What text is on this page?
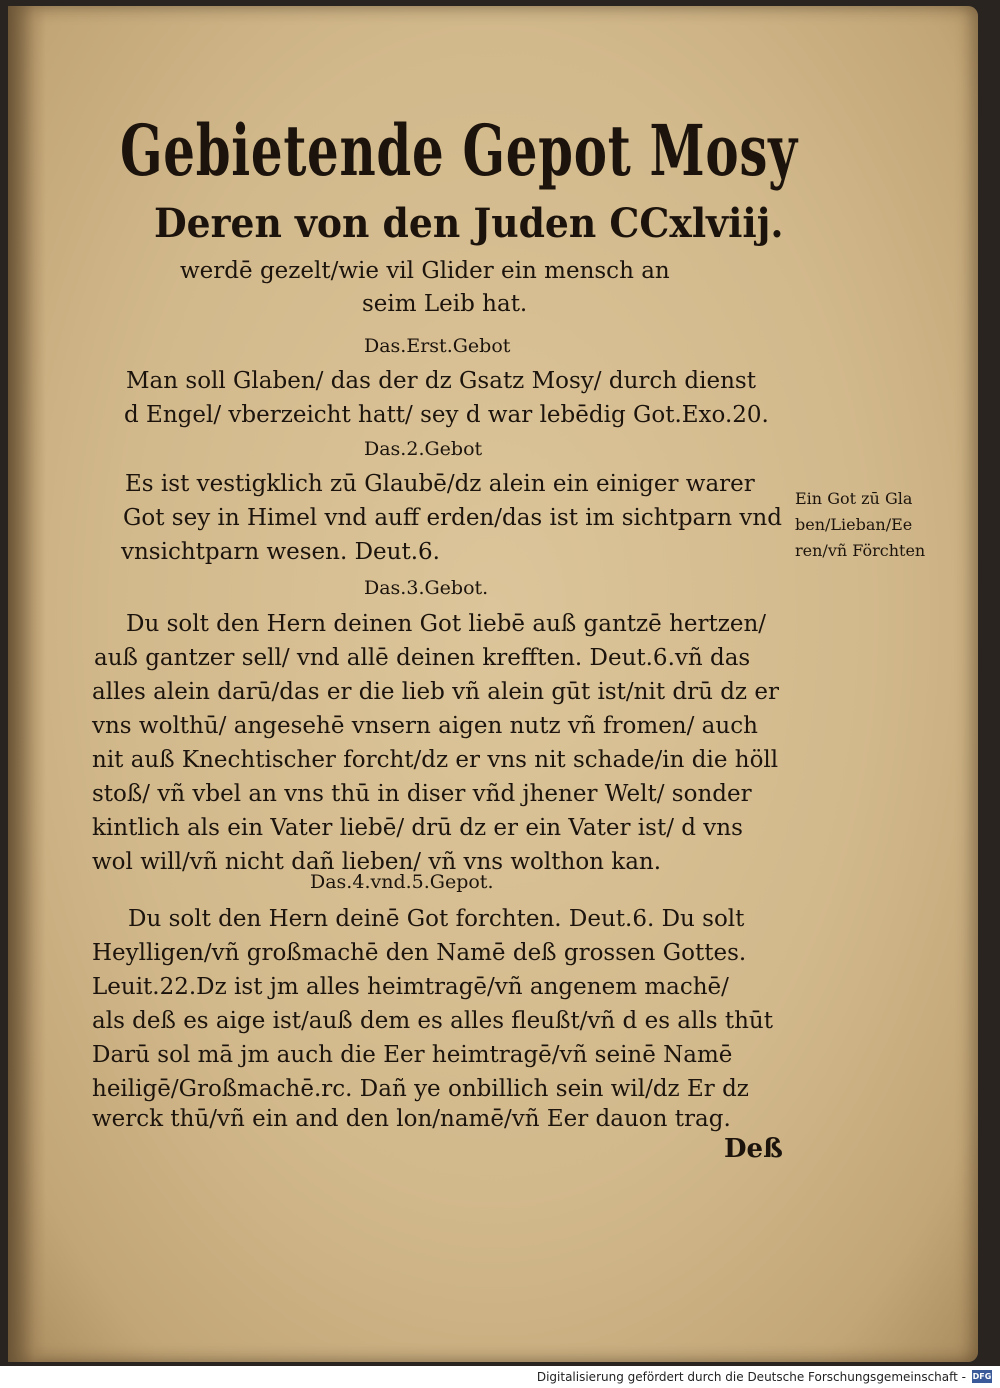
Gebietende Gepot Mosy
Deren von den Juden CCxlviij.
werdē gezelt/wie vil Glider ein mensch an
seim Leib hat.
Das.Erst.Gebot
Man soll Glaben/ das der dz Gsatz Mosy/ durch dienst
d Engel/ vberzeicht hatt/ sey d war lebēdig Got.Exo.20.
Das.2.Gebot
Es ist vestigklich zū Glaubē/dz alein ein einiger warer
Got sey in Himel vnd auff erden/das ist im sichtparn vnd
vnsichtparn wesen. Deut.6.
Ein Got zū Gla
ben/Lieban/Ee
ren/vñ Förchten
Das.3.Gebot.
Du solt den Hern deinen Got liebē auß gantzē hertzen/
auß gantzer sell/ vnd allē deinen krefften. Deut.6.vñ das
alles alein darū/das er die lieb vñ alein gūt ist/nit drū dz er
vns wolthū/ angesehē vnsern aigen nutz vñ fromen/ auch
nit auß Knechtischer forcht/dz er vns nit schade/in die höll
stoß/ vñ vbel an vns thū in diser vñd jhener Welt/ sonder
kintlich als ein Vater liebē/ drū dz er ein Vater ist/ d vns
wol will/vñ nicht dañ lieben/ vñ vns wolthon kan.
Das.4.vnd.5.Gepot.
Du solt den Hern deinē Got forchten. Deut.6. Du solt
Heylligen/vñ großmachē den Namē deß grossen Gottes.
Leuit.22.Dz ist jm alles heimtragē/vñ angenem machē/
als deß es aige ist/auß dem es alles fleußt/vñ d es alls thūt
Darū sol mā jm auch die Eer heimtragē/vñ seinē Namē
heiligē/Großmachē.rc. Dañ ye onbillich sein wil/dz Er dz
werck thū/vñ ein and den lon/namē/vñ Eer dauon trag.
Deß
Digitalisierung gefördert durch die Deutsche Forschungsgemeinschaft - DFG
